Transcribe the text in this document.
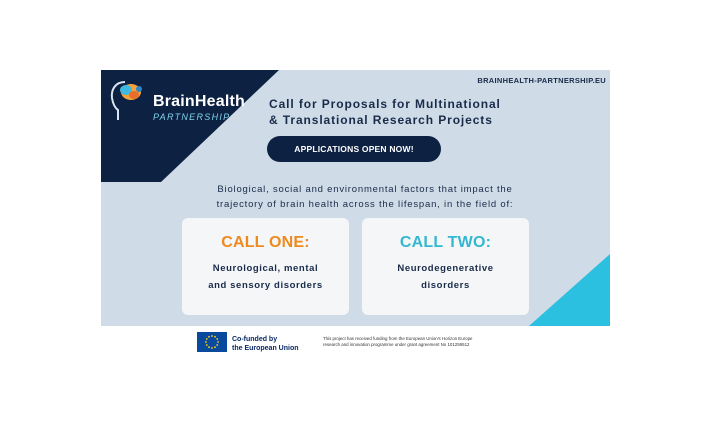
BrainHealth
PARTNERSHIP
BRAINHEALTH-PARTNERSHIP.EU
Call for Proposals for Multinational
& Translational Research Projects
APPLICATIONS OPEN NOW!
Biological, social and environmental factors that impact the
trajectory of brain health across the lifespan, in the field of:
CALL ONE:
Neurological, mental
and sensory disorders
CALL TWO:
Neurodegenerative
disorders
Co-funded by
the European Union
This project has received funding from the European Union's Horizon Europe
research and innovation programme under grant agreement No 101259512
